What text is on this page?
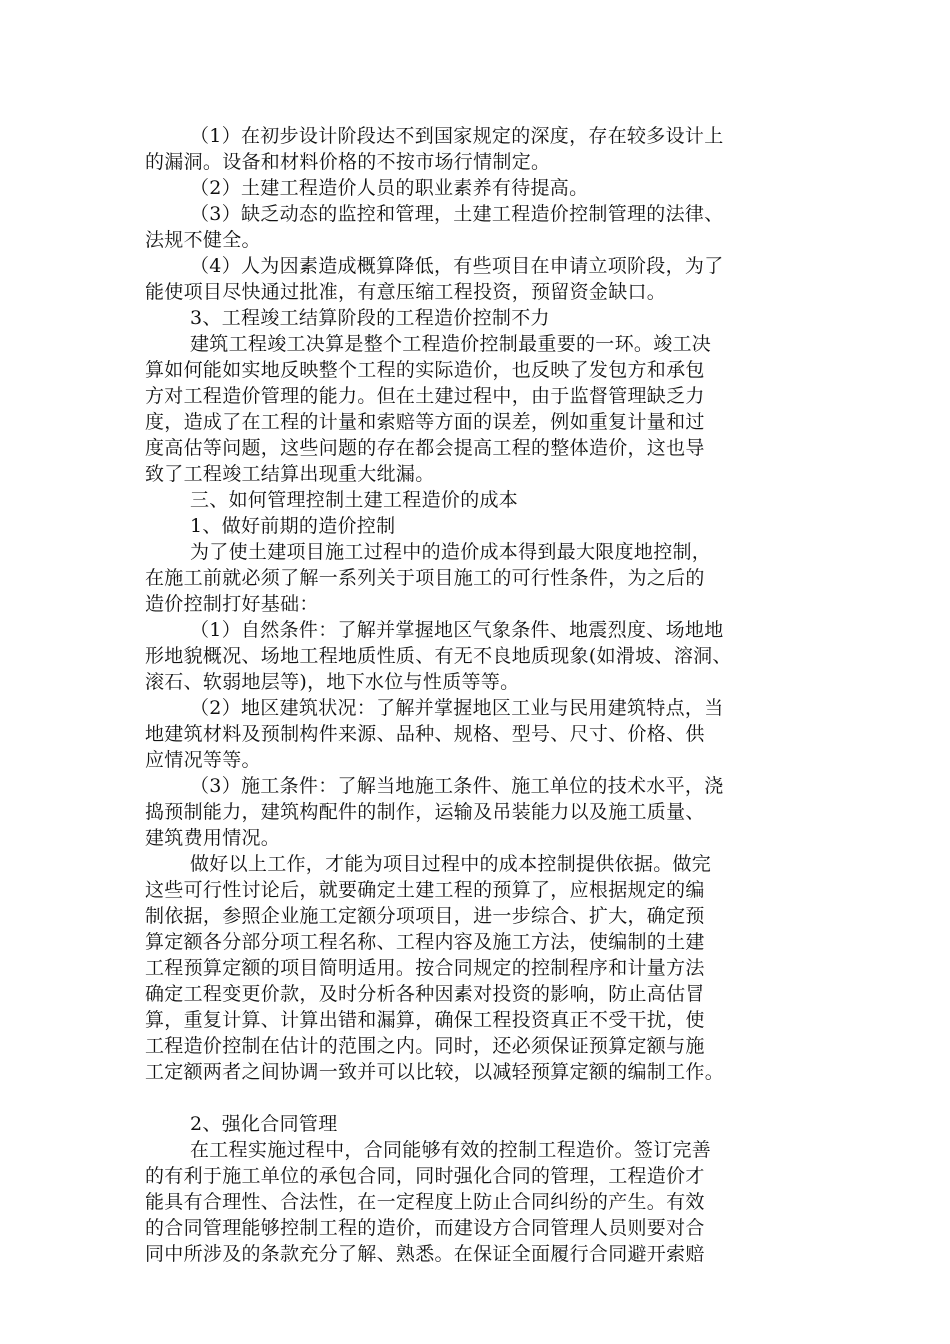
（1）在初步设计阶段达不到国家规定的深度，存在较多设计上
的漏洞。设备和材料价格的不按市场行情制定。
（2）土建工程造价人员的职业素养有待提高。
（3）缺乏动态的监控和管理，土建工程造价控制管理的法律、
法规不健全。
（4）人为因素造成概算降低，有些项目在申请立项阶段，为了
能使项目尽快通过批准，有意压缩工程投资，预留资金缺口。
3、工程竣工结算阶段的工程造价控制不力
建筑工程竣工决算是整个工程造价控制最重要的一环。竣工决
算如何能如实地反映整个工程的实际造价，也反映了发包方和承包
方对工程造价管理的能力。但在土建过程中，由于监督管理缺乏力
度，造成了在工程的计量和索赔等方面的误差，例如重复计量和过
度高估等问题，这些问题的存在都会提高工程的整体造价，这也导
致了工程竣工结算出现重大纰漏。
三、如何管理控制土建工程造价的成本
1、做好前期的造价控制
为了使土建项目施工过程中的造价成本得到最大限度地控制，
在施工前就必须了解一系列关于项目施工的可行性条件，为之后的
造价控制打好基础：
（1）自然条件：了解并掌握地区气象条件、地震烈度、场地地
形地貌概况、场地工程地质性质、有无不良地质现象(如滑坡、溶洞、
滚石、软弱地层等)，地下水位与性质等等。
（2）地区建筑状况：了解并掌握地区工业与民用建筑特点，当
地建筑材料及预制构件来源、品种、规格、型号、尺寸、价格、供
应情况等等。
（3）施工条件：了解当地施工条件、施工单位的技术水平，浇
捣预制能力，建筑构配件的制作，运输及吊装能力以及施工质量、
建筑费用情况。
做好以上工作，才能为项目过程中的成本控制提供依据。做完
这些可行性讨论后，就要确定土建工程的预算了，应根据规定的编
制依据，参照企业施工定额分项项目，进一步综合、扩大，确定预
算定额各分部分项工程名称、工程内容及施工方法，使编制的土建
工程预算定额的项目简明适用。按合同规定的控制程序和计量方法
确定工程变更价款，及时分析各种因素对投资的影响，防止高估冒
算，重复计算、计算出错和漏算，确保工程投资真正不受干扰，使
工程造价控制在估计的范围之内。同时，还必须保证预算定额与施
工定额两者之间协调一致并可以比较，以减轻预算定额的编制工作。
2、强化合同管理
在工程实施过程中，合同能够有效的控制工程造价。签订完善
的有利于施工单位的承包合同，同时强化合同的管理，工程造价才
能具有合理性、合法性，在一定程度上防止合同纠纷的产生。有效
的合同管理能够控制工程的造价，而建设方合同管理人员则要对合
同中所涉及的条款充分了解、熟悉。在保证全面履行合同避开索赔
